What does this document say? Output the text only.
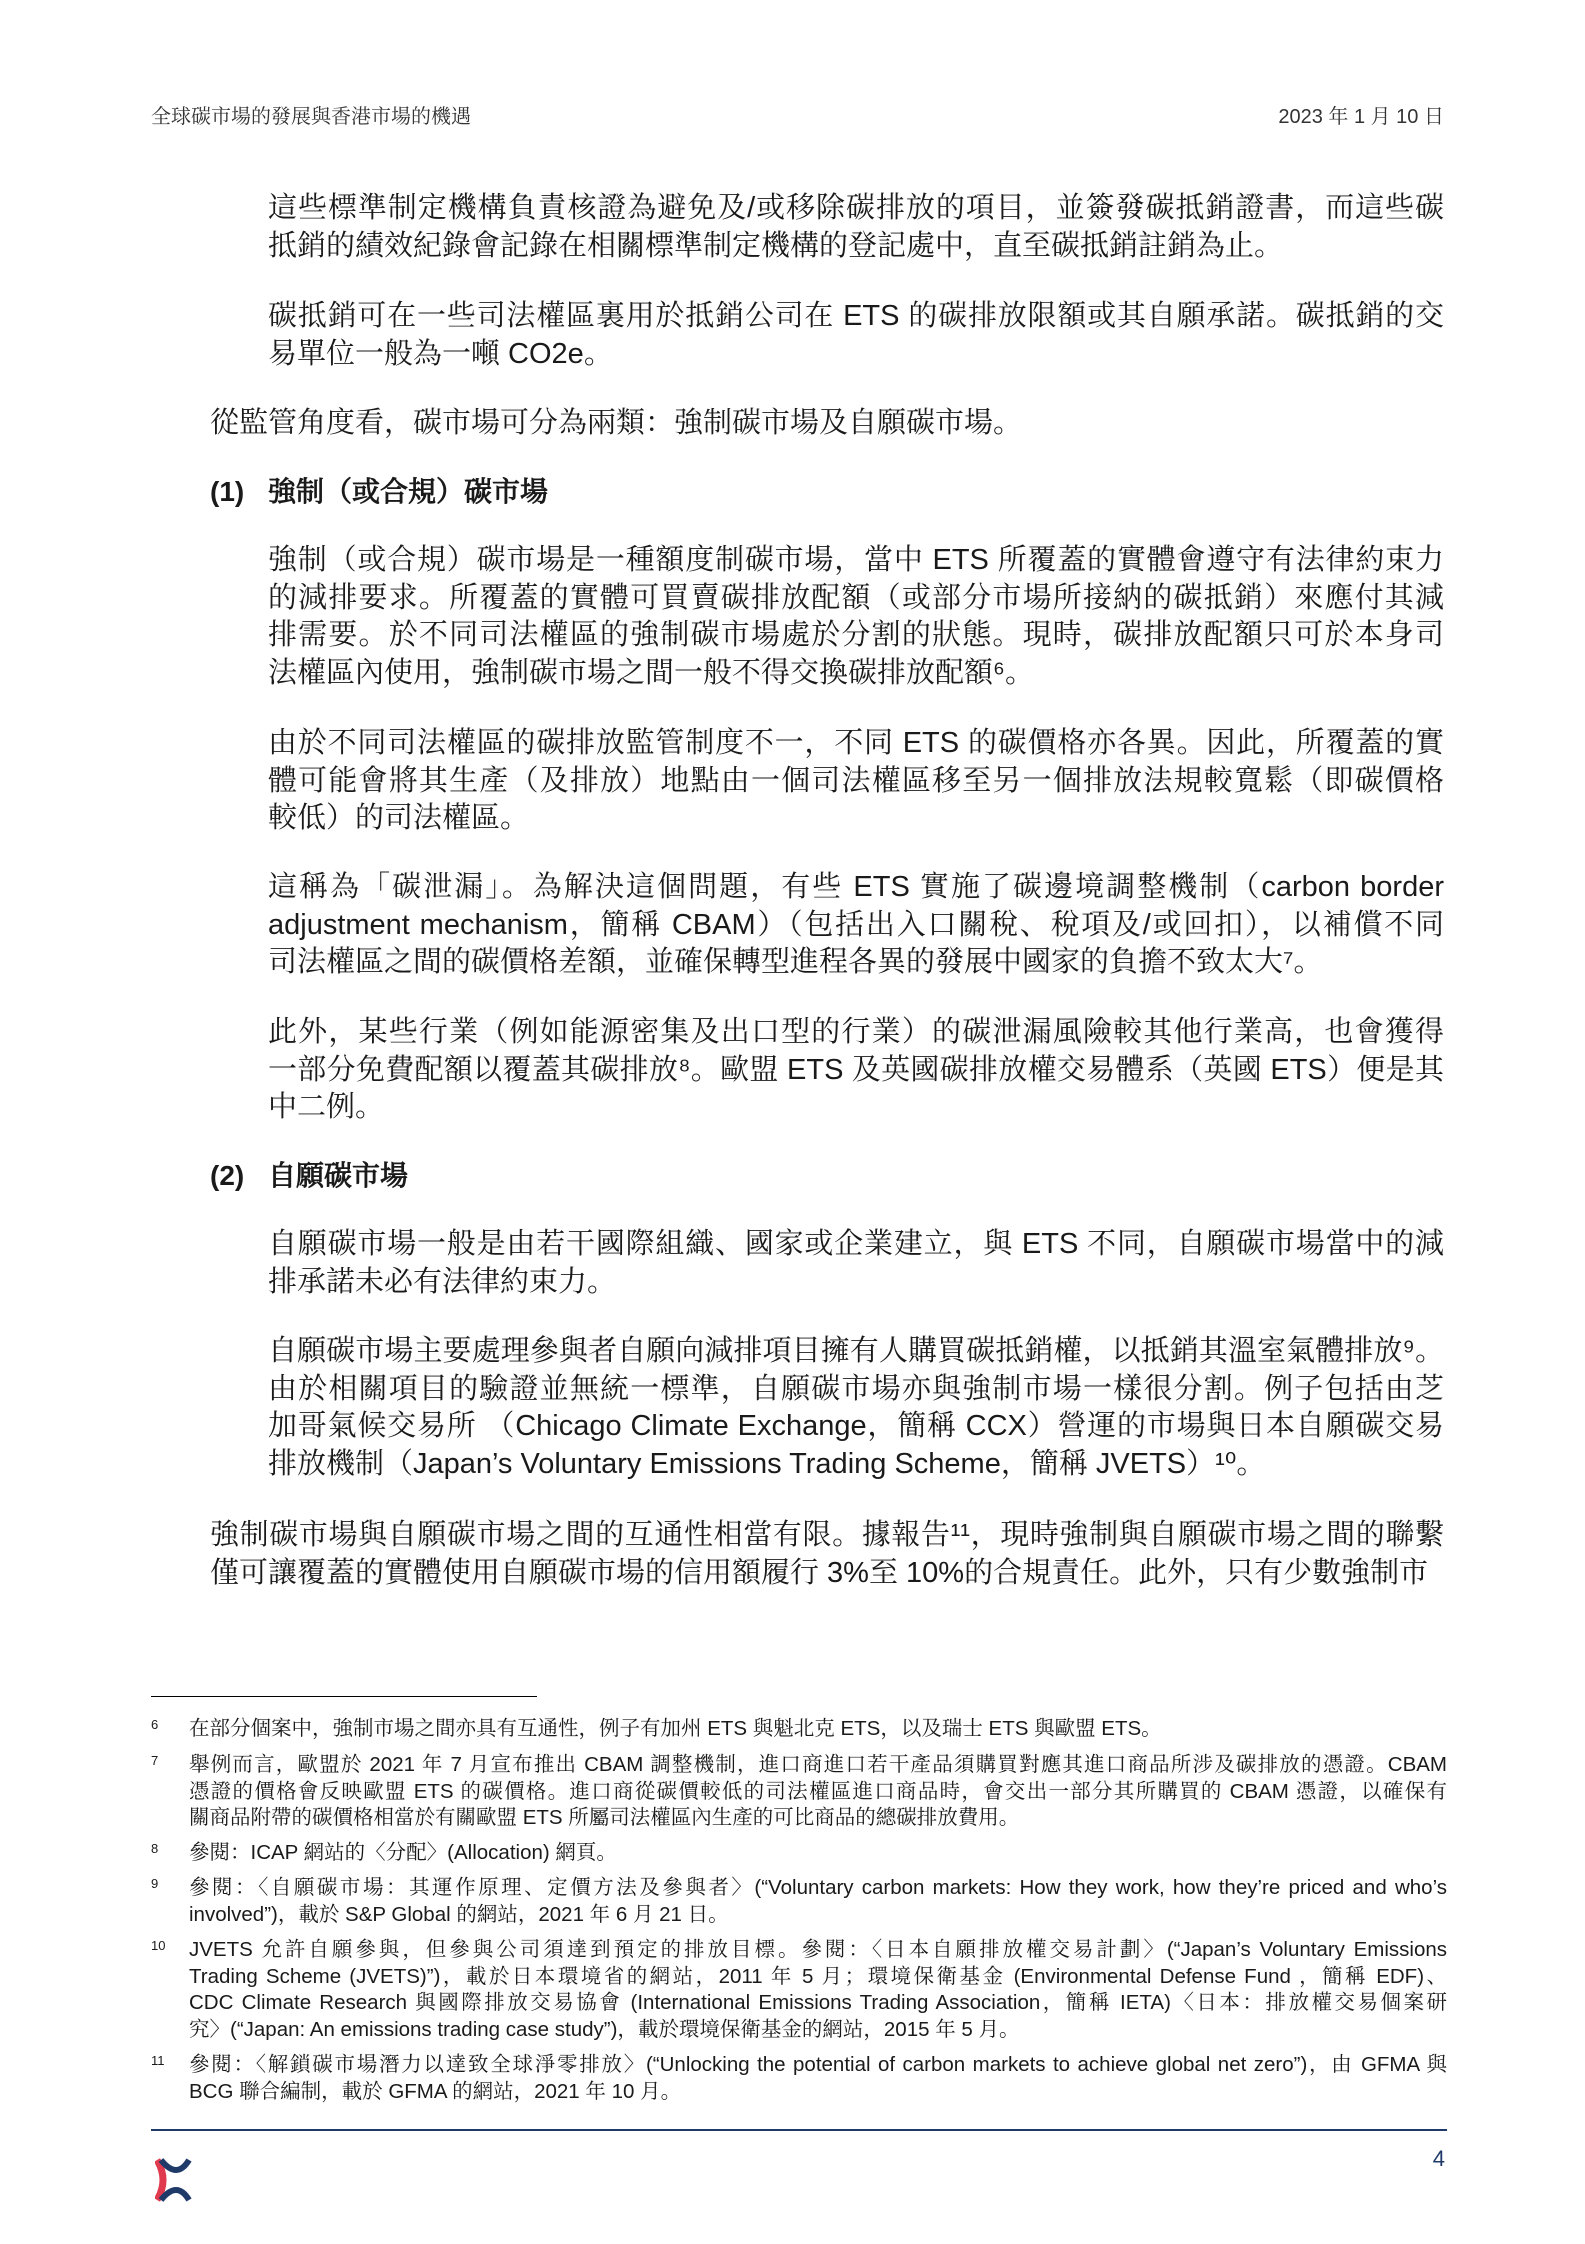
全球碳市場的發展與香港市場的機遇	2023 年 1 月 10 日
這些標準制定機構負責核證為避免及/或移除碳排放的項目，並簽發碳抵銷證書，而這些碳
抵銷的績效紀錄會記錄在相關標準制定機構的登記處中，直至碳抵銷註銷為止。
碳抵銷可在一些司法權區裏用於抵銷公司在 ETS 的碳排放限額或其自願承諾。碳抵銷的交
易單位一般為一噸 CO2e。
從監管角度看，碳市場可分為兩類：強制碳市場及自願碳市場。
(1) 強制（或合規）碳市場
強制（或合規）碳市場是一種額度制碳市場，當中 ETS 所覆蓋的實體會遵守有法律約束力
的減排要求。所覆蓋的實體可買賣碳排放配額（或部分市場所接納的碳抵銷）來應付其減
排需要。於不同司法權區的強制碳市場處於分割的狀態。現時，碳排放配額只可於本身司
法權區內使用，強制碳市場之間一般不得交換碳排放配額⁶。
由於不同司法權區的碳排放監管制度不一，不同 ETS 的碳價格亦各異。因此，所覆蓋的實
體可能會將其生產（及排放）地點由一個司法權區移至另一個排放法規較寬鬆（即碳價格
較低）的司法權區。
這稱為「碳泄漏」。為解決這個問題，有些 ETS 實施了碳邊境調整機制（carbon border
adjustment mechanism，簡稱 CBAM）（包括出入口關稅、稅項及/或回扣），以補償不同
司法權區之間的碳價格差額，並確保轉型進程各異的發展中國家的負擔不致太大⁷。
此外，某些行業（例如能源密集及出口型的行業）的碳泄漏風險較其他行業高，也會獲得
一部分免費配額以覆蓋其碳排放⁸。歐盟 ETS 及英國碳排放權交易體系（英國 ETS）便是其
中二例。
(2) 自願碳市場
自願碳市場一般是由若干國際組織、國家或企業建立，與 ETS 不同，自願碳市場當中的減
排承諾未必有法律約束力。
自願碳市場主要處理參與者自願向減排項目擁有人購買碳抵銷權，以抵銷其溫室氣體排放⁹。
由於相關項目的驗證並無統一標準，自願碳市場亦與強制市場一樣很分割。例子包括由芝
加哥氣候交易所 （Chicago Climate Exchange，簡稱 CCX）營運的市場與日本自願碳交易
排放機制（Japan’s Voluntary Emissions Trading Scheme，簡稱 JVETS）¹⁰。
強制碳市場與自願碳市場之間的互通性相當有限。據報告¹¹，現時強制與自願碳市場之間的聯繫
僅可讓覆蓋的實體使用自願碳市場的信用額履行 3%至 10%的合規責任。此外，只有少數強制市
6 在部分個案中，強制市場之間亦具有互通性，例子有加州 ETS 與魁北克 ETS，以及瑞士 ETS 與歐盟 ETS。
7 舉例而言，歐盟於 2021 年 7 月宣布推出 CBAM 調整機制，進口商進口若干產品須購買對應其進口商品所涉及碳排放的憑證。CBAM
憑證的價格會反映歐盟 ETS 的碳價格。進口商從碳價較低的司法權區進口商品時，會交出一部分其所購買的 CBAM 憑證，以確保有
關商品附帶的碳價格相當於有關歐盟 ETS 所屬司法權區內生產的可比商品的總碳排放費用。
8 參閱：ICAP 網站的〈分配〉(Allocation) 網頁。
9 參閱：〈自願碳市場：其運作原理、定價方法及參與者〉(“Voluntary carbon markets: How they work, how they’re priced and who’s
involved”)，載於 S&P Global 的網站，2021 年 6 月 21 日。
10 JVETS 允許自願參與，但參與公司須達到預定的排放目標。參閱：〈日本自願排放權交易計劃〉(“Japan’s Voluntary Emissions
Trading Scheme (JVETS)”)，載於日本環境省的網站，2011 年 5 月；環境保衛基金 (Environmental Defense Fund ，簡稱 EDF)、
CDC Climate Research 與國際排放交易協會 (International Emissions Trading Association，簡稱 IETA)〈日本：排放權交易個案研
究〉(“Japan: An emissions trading case study”)，載於環境保衛基金的網站，2015 年 5 月。
11 參閱：〈解鎖碳市場潛力以達致全球淨零排放〉(“Unlocking the potential of carbon markets to achieve global net zero”)，由 GFMA 與
BCG 聯合編制，載於 GFMA 的網站，2021 年 10 月。
4
